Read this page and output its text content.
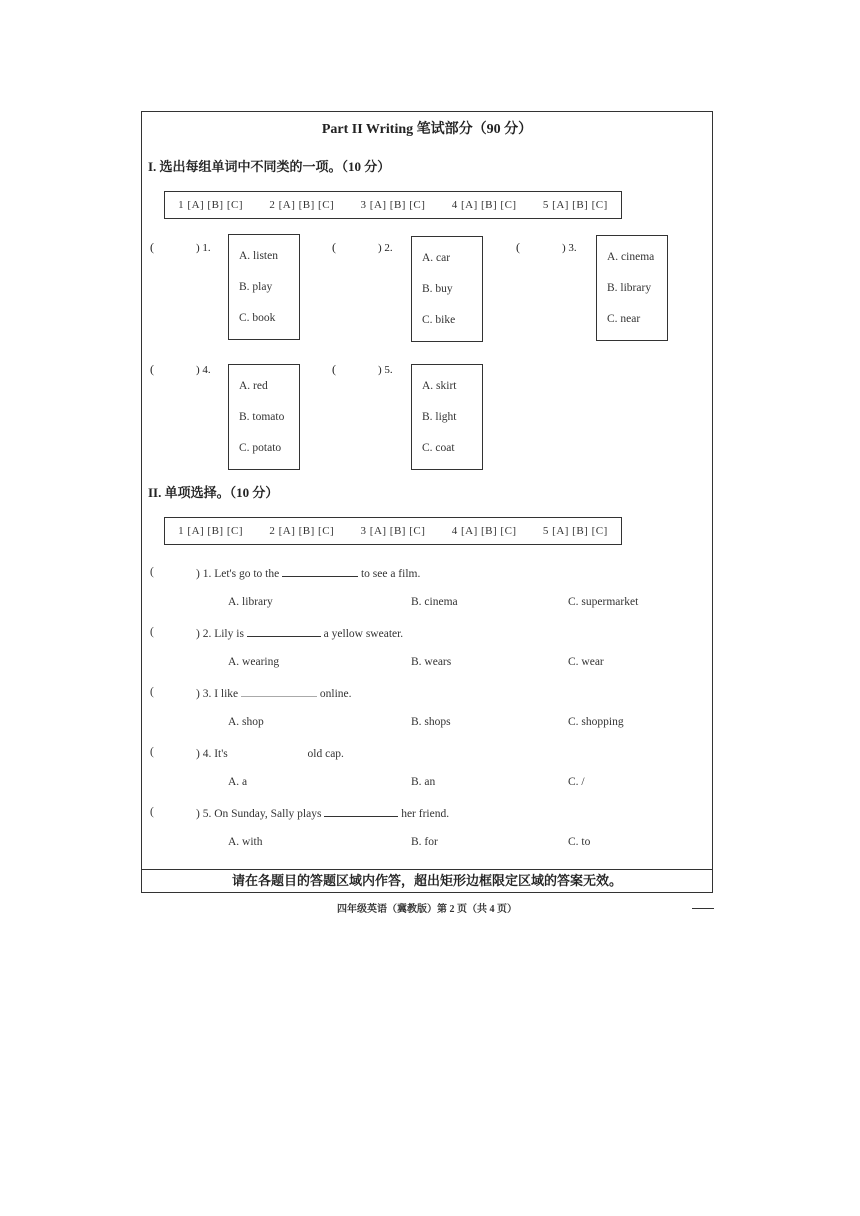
Part II Writing 笔试部分（90 分）
I. 选出每组单词中不同类的一项。（10 分）
1 [A] [B] [C] 2 [A] [B] [C] 3 [A] [B] [C] 4 [A] [B] [C] 5 [A] [B] [C]
(	) 1.
A. listen
B. play
C. book
(	) 2.
A. car
B. buy
C. bike
(	) 3.
A. cinema
B. library
C. near
(	) 4.
A. red
B. tomato
C. potato
(	) 5.
A. skirt
B. light
C. coat
II. 单项选择。（10 分）
1 [A] [B] [C] 2 [A] [B] [C] 3 [A] [B] [C] 4 [A] [B] [C] 5 [A] [B] [C]
(	) 1. Let's go to the	to see a film.
A. library	B. cinema	C. supermarket
(	) 2. Lily is	a yellow sweater.
A. wearing	B. wears	C. wear
(	) 3. I like	online.
A. shop	B. shops	C. shopping
(	) 4. It's	old cap.
A. a	B. an	C. /
(	) 5. On Sunday, Sally plays	her friend.
A. with	B. for	C. to
请在各题目的答题区域内作答，超出矩形边框限定区域的答案无效。
四年级英语（冀教版）第 2 页（共 4 页）
